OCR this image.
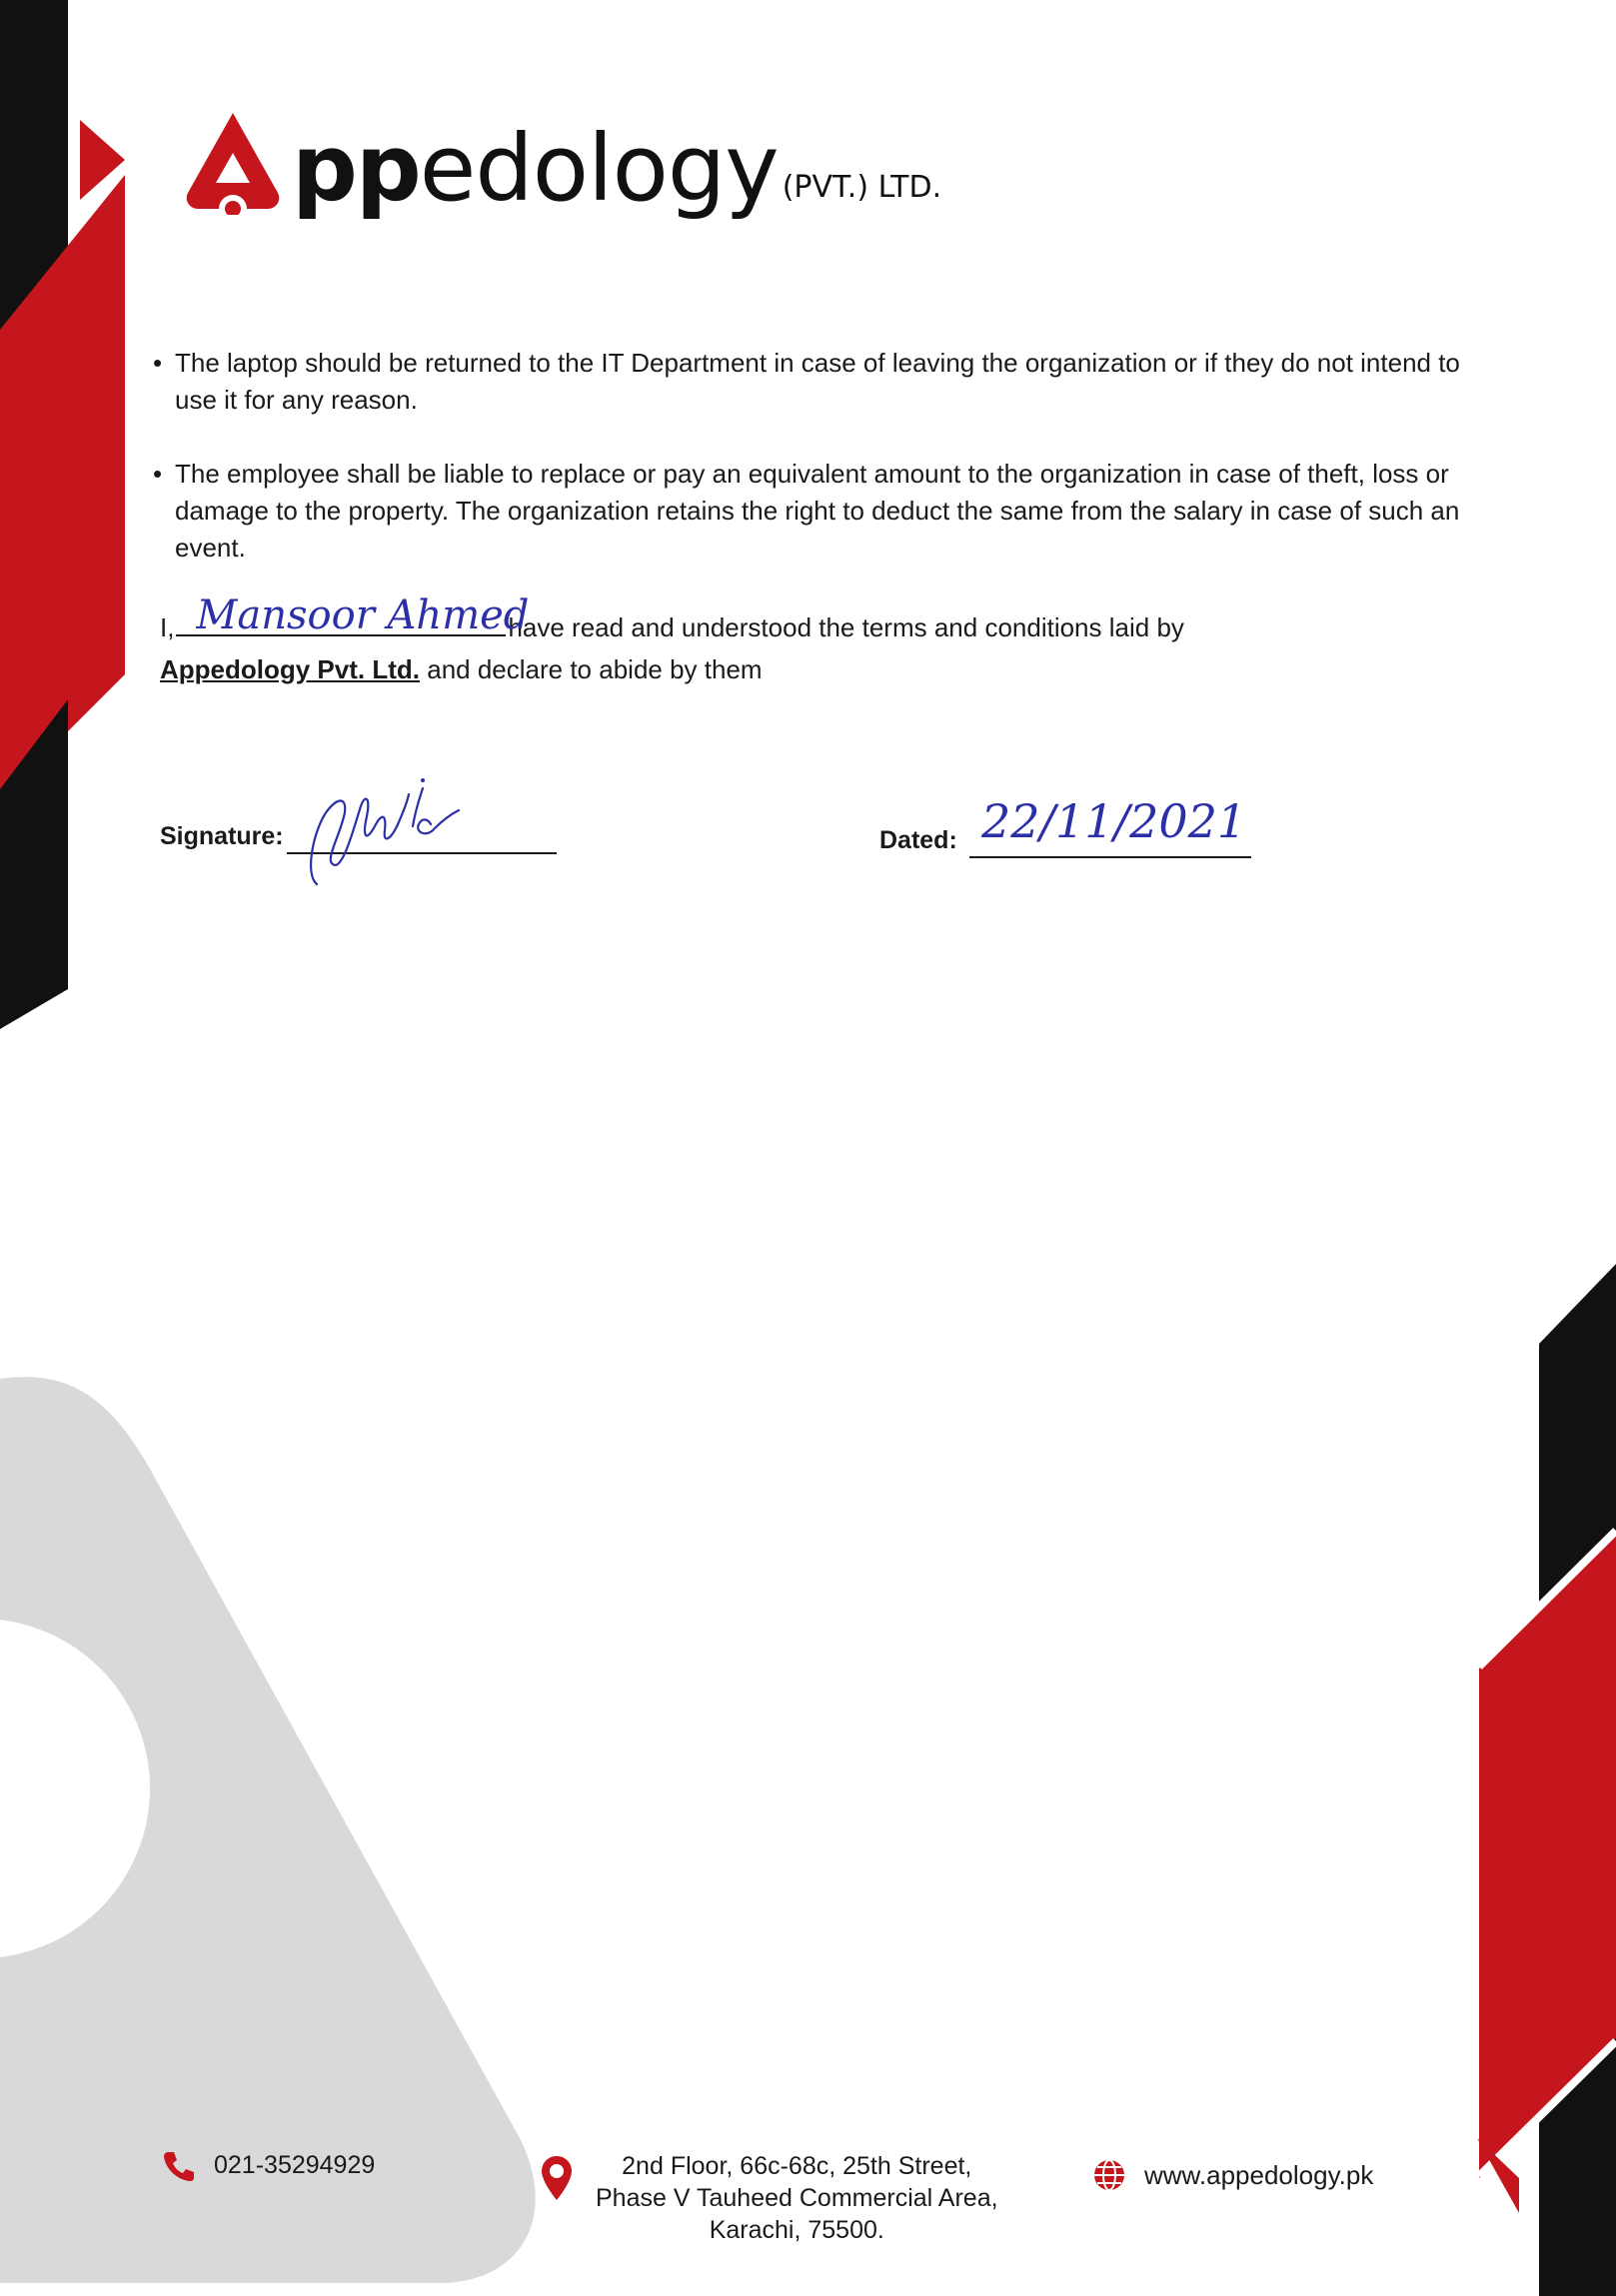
pp edology (PVT.) LTD.
• The laptop should be returned to the IT Department in case of leaving the organization or if they do not intend to use it for any reason.
• The employee shall be liable to replace or pay an equivalent amount to the organization in case of theft, loss or damage to the property. The organization retains the right to deduct the same from the salary in case of such an event.
I, Mansoor Ahmed
have read and understood the terms and conditions laid by
Appedology Pvt. Ltd. and declare to abide by them
Signature:	Dated: 22/11/2021
021-35294929	2nd Floor, 66c-68c, 25th Street,
Phase V Tauheed Commercial Area,
Karachi, 75500.
www.appedology.pk
